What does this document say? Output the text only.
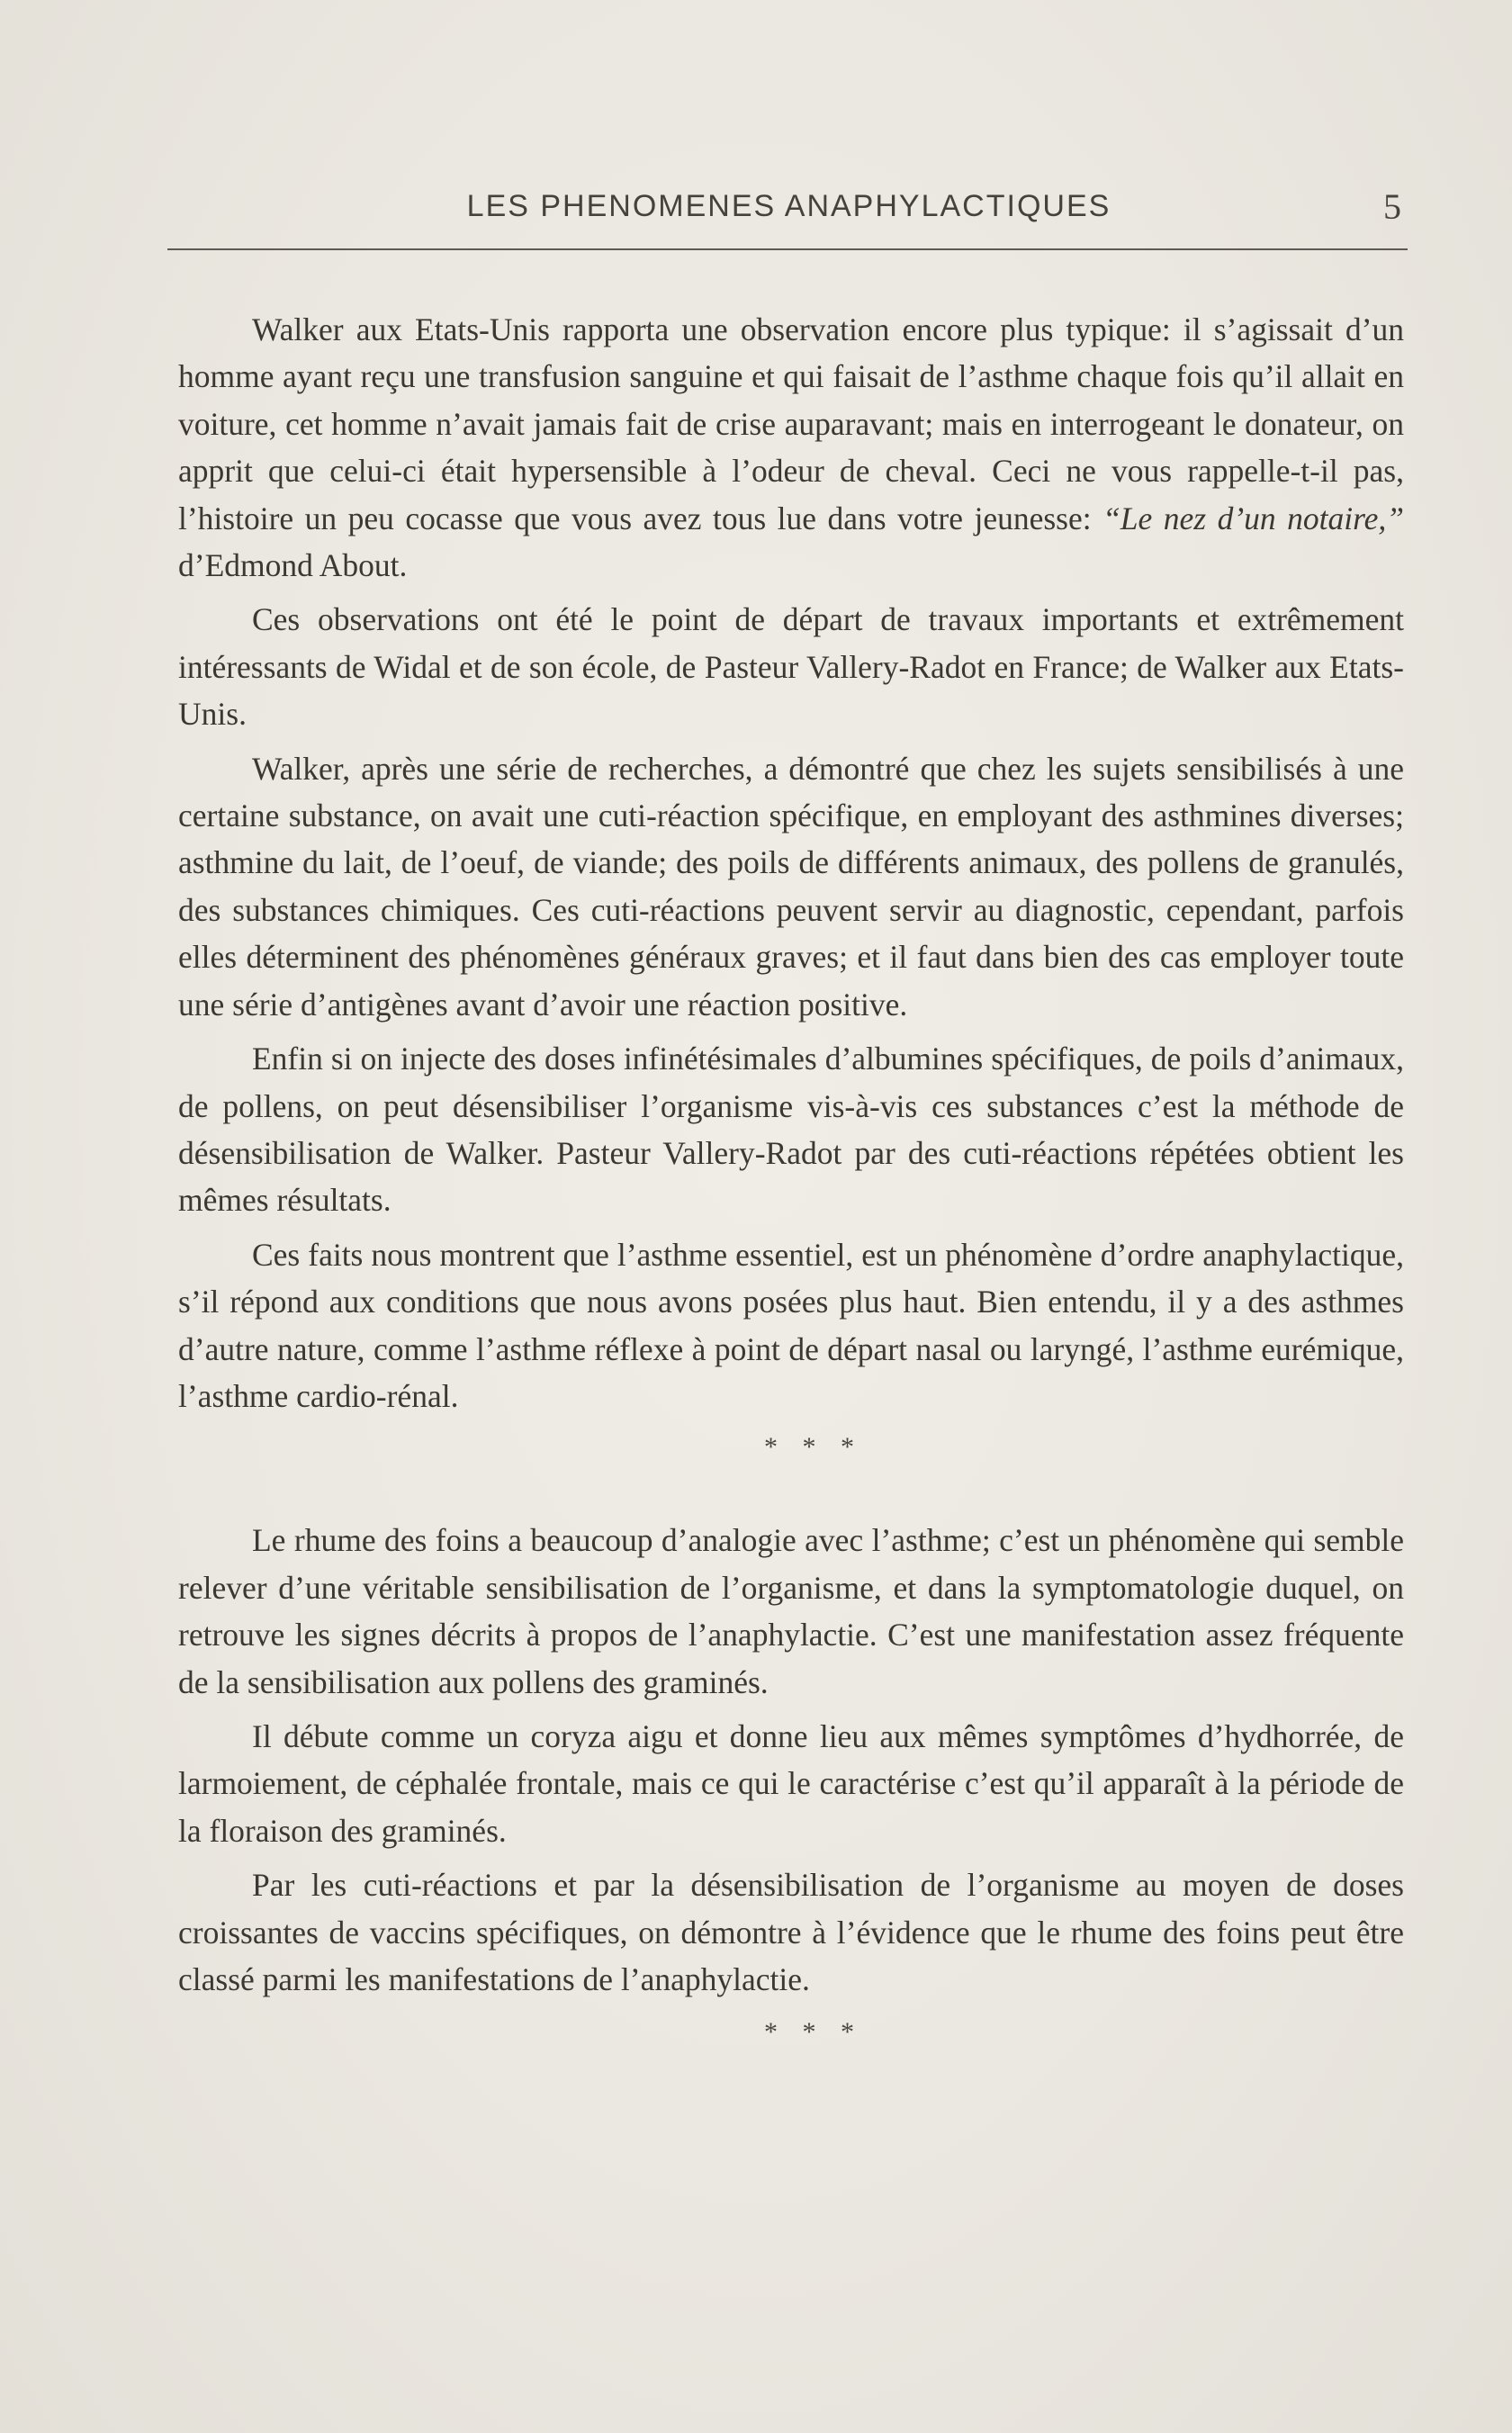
LES PHENOMENES ANAPHYLACTIQUES	5

Walker aux Etats-Unis rapporta une observation encore plus typique: il s’agissait d’un homme ayant reçu une transfusion sanguine et qui faisait de l’asthme chaque fois qu’il allait en voiture, cet homme n’avait jamais fait de crise auparavant; mais en interrogeant le donateur, on apprit que celui-ci était hypersensible à l’odeur de cheval. Ceci ne vous rappelle-t-il pas, l’histoire un peu cocasse que vous avez tous lue dans votre jeunesse: “Le nez d’un notaire,” d’Edmond About.

Ces observations ont été le point de départ de travaux importants et extrêmement intéressants de Widal et de son école, de Pasteur Vallery-Radot en France; de Walker aux Etats-Unis.

Walker, après une série de recherches, a démontré que chez les sujets sensibilisés à une certaine substance, on avait une cuti-réaction spécifique, en employant des asthmines diverses; asthmine du lait, de l’oeuf, de viande; des poils de différents animaux, des pollens de granulés, des substances chimiques. Ces cuti-réactions peuvent servir au diagnostic, cependant, parfois elles déterminent des phénomènes généraux graves; et il faut dans bien des cas employer toute une série d’antigènes avant d’avoir une réaction positive.

Enfin si on injecte des doses infinétésimales d’albumines spécifiques, de poils d’animaux, de pollens, on peut désensibiliser l’organisme vis-à-vis ces substances c’est la méthode de désensibilisation de Walker. Pasteur Vallery-Radot par des cuti-réactions répétées obtient les mêmes résultats.

Ces faits nous montrent que l’asthme essentiel, est un phénomène d’ordre anaphylactique, s’il répond aux conditions que nous avons posées plus haut. Bien entendu, il y a des asthmes d’autre nature, comme l’asthme réflexe à point de départ nasal ou laryngé, l’asthme eurémique, l’asthme cardio-rénal.

* * *

Le rhume des foins a beaucoup d’analogie avec l’asthme; c’est un phénomène qui semble relever d’une véritable sensibilisation de l’organisme, et dans la symptomatologie duquel, on retrouve les signes décrits à propos de l’anaphylactie. C’est une manifestation assez fréquente de la sensibilisation aux pollens des graminés.

Il débute comme un coryza aigu et donne lieu aux mêmes symptômes d’hydhorrée, de larmoiement, de céphalée frontale, mais ce qui le caractérise c’est qu’il apparaît à la période de la floraison des graminés.

Par les cuti-réactions et par la désensibilisation de l’organisme au moyen de doses croissantes de vaccins spécifiques, on démontre à l’évidence que le rhume des foins peut être classé parmi les manifestations de l’anaphylactie.

* * *
